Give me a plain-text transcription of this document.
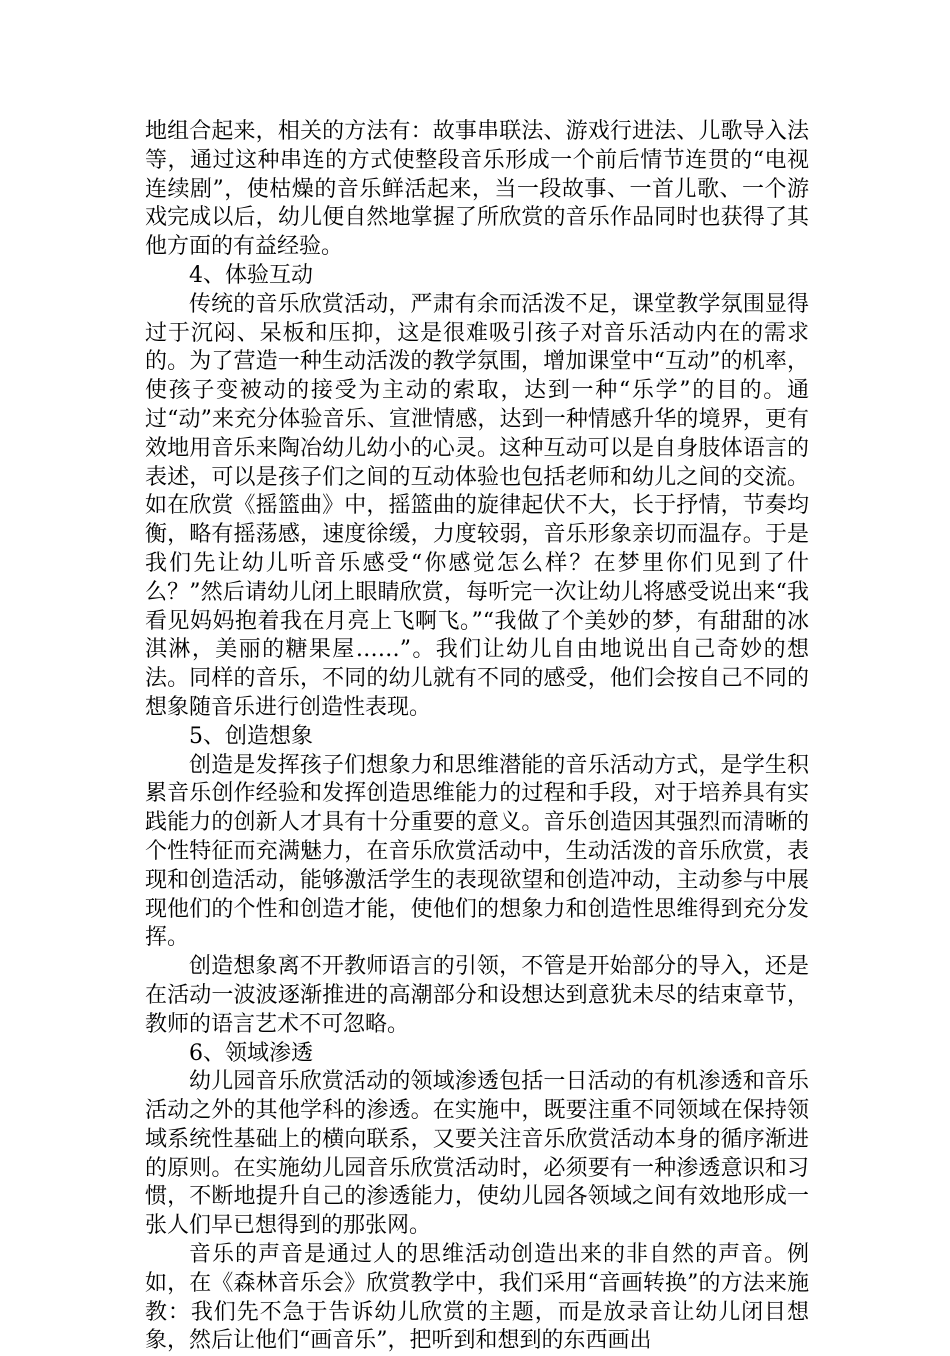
地组合起来，相关的方法有：故事串联法、游戏行进法、儿歌导入法等，通过这种串连的方式使整段音乐形成一个前后情节连贯的“电视连续剧”，使枯燥的音乐鲜活起来，当一段故事、一首儿歌、一个游戏完成以后，幼儿便自然地掌握了所欣赏的音乐作品同时也获得了其他方面的有益经验。

4、体验互动

传统的音乐欣赏活动，严肃有余而活泼不足，课堂教学氛围显得过于沉闷、呆板和压抑，这是很难吸引孩子对音乐活动内在的需求的。为了营造一种生动活泼的教学氛围，增加课堂中“互动”的机率，使孩子变被动的接受为主动的索取，达到一种“乐学”的目的。通过“动”来充分体验音乐、宣泄情感，达到一种情感升华的境界，更有效地用音乐来陶冶幼儿幼小的心灵。这种互动可以是自身肢体语言的表述，可以是孩子们之间的互动体验也包括老师和幼儿之间的交流。如在欣赏《摇篮曲》中，摇篮曲的旋律起伏不大，长于抒情，节奏均衡，略有摇荡感，速度徐缓，力度较弱，音乐形象亲切而温存。于是我们先让幼儿听音乐感受“你感觉怎么样？在梦里你们见到了什么？”然后请幼儿闭上眼睛欣赏，每听完一次让幼儿将感受说出来“我看见妈妈抱着我在月亮上飞啊飞。”“我做了个美妙的梦，有甜甜的冰淇淋，美丽的糖果屋……”。我们让幼儿自由地说出自己奇妙的想法。同样的音乐，不同的幼儿就有不同的感受，他们会按自己不同的想象随音乐进行创造性表现。

5、创造想象

创造是发挥孩子们想象力和思维潜能的音乐活动方式，是学生积累音乐创作经验和发挥创造思维能力的过程和手段，对于培养具有实践能力的创新人才具有十分重要的意义。音乐创造因其强烈而清晰的个性特征而充满魅力，在音乐欣赏活动中，生动活泼的音乐欣赏，表现和创造活动，能够激活学生的表现欲望和创造冲动，主动参与中展现他们的个性和创造才能，使他们的想象力和创造性思维得到充分发挥。

创造想象离不开教师语言的引领，不管是开始部分的导入，还是在活动一波波逐渐推进的高潮部分和设想达到意犹未尽的结束章节，教师的语言艺术不可忽略。

6、领域渗透

幼儿园音乐欣赏活动的领域渗透包括一日活动的有机渗透和音乐活动之外的其他学科的渗透。在实施中，既要注重不同领域在保持领域系统性基础上的横向联系，又要关注音乐欣赏活动本身的循序渐进的原则。在实施幼儿园音乐欣赏活动时，必须要有一种渗透意识和习惯，不断地提升自己的渗透能力，使幼儿园各领域之间有效地形成一张人们早已想得到的那张网。

音乐的声音是通过人的思维活动创造出来的非自然的声音。例如，在《森林音乐会》欣赏教学中，我们采用“音画转换”的方法来施教：我们先不急于告诉幼儿欣赏的主题，而是放录音让幼儿闭目想象，然后让他们“画音乐”，把听到和想到的东西画出
